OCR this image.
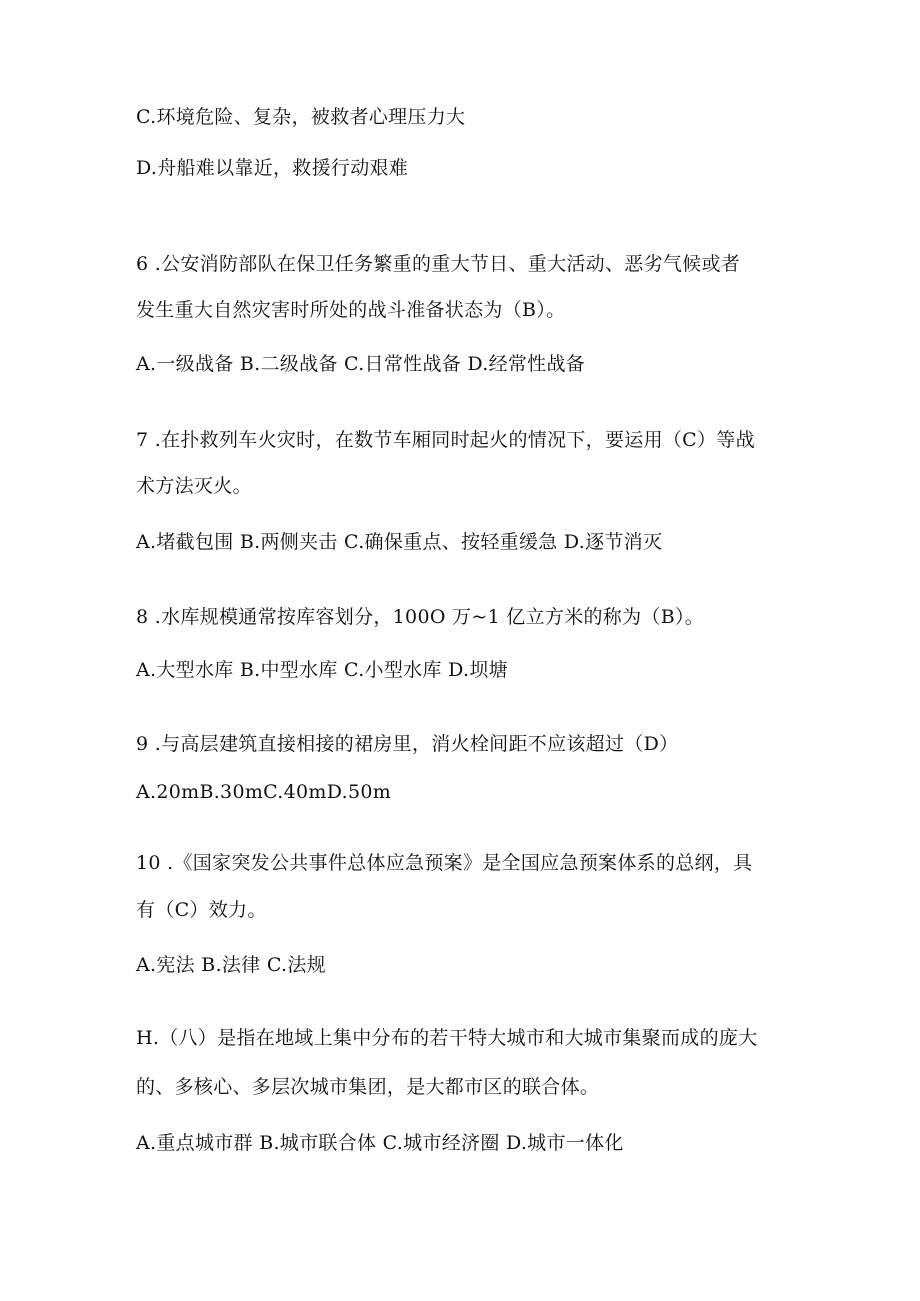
C.环境危险、复杂，被救者心理压力大
D.舟船难以靠近，救援行动艰难
6 .公安消防部队在保卫任务繁重的重大节日、重大活动、恶劣气候或者
发生重大自然灾害时所处的战斗准备状态为（B）。
A.一级战备 B.二级战备 C.日常性战备 D.经常性战备
7 .在扑救列车火灾时，在数节车厢同时起火的情况下，要运用（C）等战
术方法灭火。
A.堵截包围 B.两侧夹击 C.确保重点、按轻重缓急 D.逐节消灭
8 .水库规模通常按库容划分，100O 万~1 亿立方米的称为（B）。
A.大型水库 B.中型水库 C.小型水库 D.坝塘
9 .与高层建筑直接相接的裙房里，消火栓间距不应该超过（D）
A.20mB.30mC.40mD.50m
10 .《国家突发公共事件总体应急预案》是全国应急预案体系的总纲，具
有（C）效力。
A.宪法 B.法律 C.法规
H.（八）是指在地域上集中分布的若干特大城市和大城市集聚而成的庞大
的、多核心、多层次城市集团，是大都市区的联合体。
A.重点城市群 B.城市联合体 C.城市经济圈 D.城市一体化
